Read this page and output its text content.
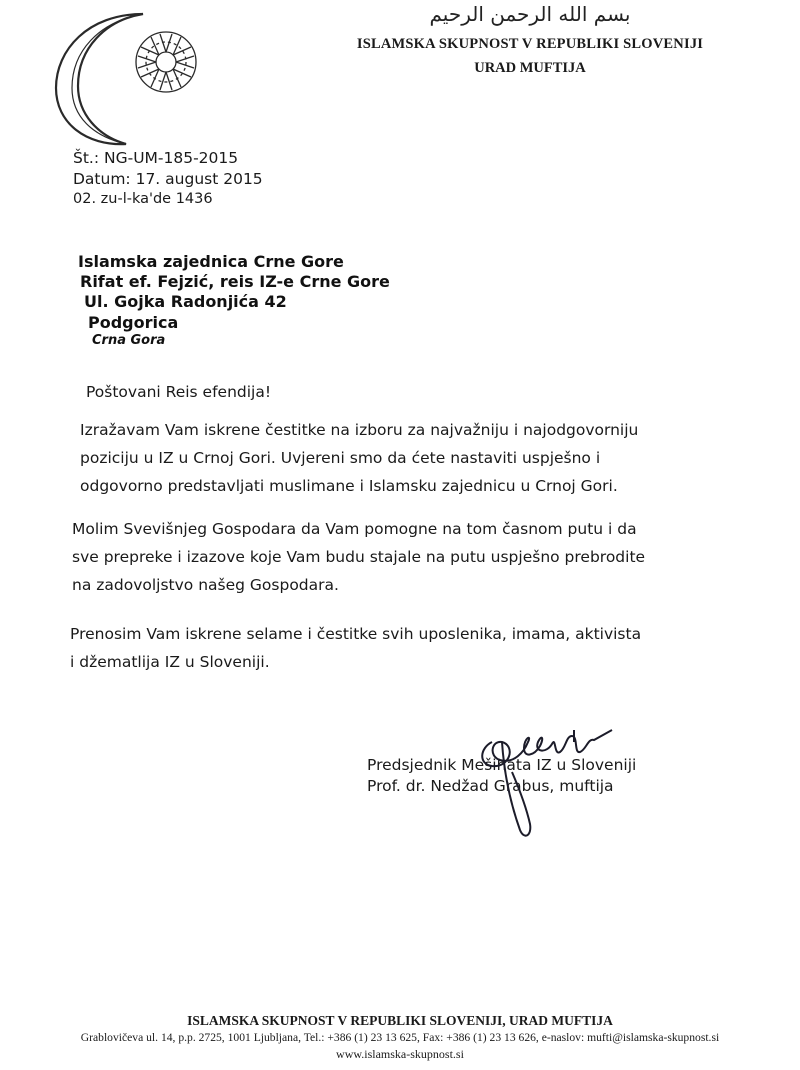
بسم الله الرحمن الرحيم
ISLAMSKA SKUPNOST V REPUBLIKI SLOVENIJI
URAD MUFTIJA
Št.: NG-UM-185-2015
Datum: 17. august 2015
02. zu-l-ka'de 1436
Islamska zajednica Crne Gore
Rifat ef. Fejzić, reis IZ-e Crne Gore
Ul. Gojka Radonjića 42
Podgorica
Crna Gora
Poštovani Reis efendija!
Izražavam Vam iskrene čestitke na izboru za najvažniju i najodgovorniju
poziciju u IZ u Crnoj Gori. Uvjereni smo da ćete nastaviti uspješno i
odgovorno predstavljati muslimane i Islamsku zajednicu u Crnoj Gori.
Molim Svevišnjeg Gospodara da Vam pomogne na tom časnom putu i da
sve prepreke i izazove koje Vam budu stajale na putu uspješno prebrodite
na zadovoljstvo našeg Gospodara.
Prenosim Vam iskrene selame i čestitke svih uposlenika, imama, aktivista
i džematlija IZ u Sloveniji.
Predsjednik Mešihata IZ u Sloveniji
Prof. dr. Nedžad Grabus, muftija
ISLAMSKA SKUPNOST V REPUBLIKI SLOVENIJI, URAD MUFTIJA
Grablovičeva ul. 14, p.p. 2725, 1001 Ljubljana, Tel.: +386 (1) 23 13 625, Fax: +386 (1) 23 13 626, e-naslov: mufti@islamska-skupnost.si
www.islamska-skupnost.si
